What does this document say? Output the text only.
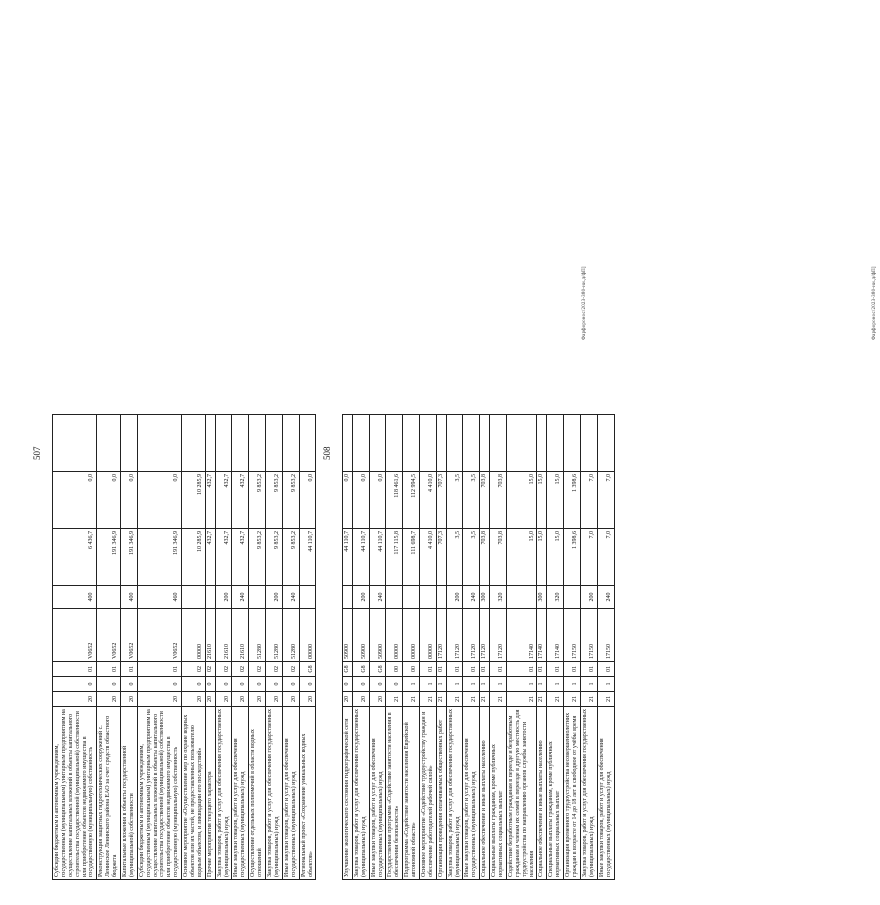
507
Субсидии бюджетным и автономным учреждениям, государственным (муниципальным) унитарным предприятиям на осуществление капитальных вложений в объекты капитального строительства государственной (муниципальной) собственности или приобретение объектов недвижимого имущества в государственную (муниципальную) собственность	20	0	01	V0652	400	6 436,7	0,0	
Реконструкция защитных гидротехнических сооружений с. Ленинское Ленинского района ЕАО за счет средств областного бюджета	20	0	01	V0652		191 346,9	0,0	
Капитальные вложения в объекты государственной (муниципальной) собственности	20	0	01	V0652	400	191 346,9	0,0	
Субсидии бюджетным и автономным учреждениям, государственным (муниципальным) унитарным предприятиям на осуществление капитальных вложений в объекты капитального строительства государственной (муниципальной) собственности или приобретение объектов недвижимого имущества в государственную (муниципальную) собственность	20	0	01	V0652	460	191 346,9	0,0	
Основное мероприятие «Осуществление мер по охране водных объектов или их частей, не предоставленных пользователю водным объектом, и ликвидации его последствий»	20	0	02	00000		10 285,9	10 285,9	
Прочие мероприятия текущего характера	20	0	02	21610		432,7	432,7	
Закупка товаров, работ и услуг для обеспечения государственных (муниципальных) нужд	20	0	02	21610	200	432,7	432,7	
Иные закупки товаров, работ и услуг для обеспечения государственных (муниципальных) нужд	20	0	02	21610	240	432,7	432,7	
Осуществление отдельных полномочий в области водных отношений	20	0	02	51280		9 853,2	9 853,2	
Закупка товаров, работ и услуг для обеспечения государственных (муниципальных) нужд	20	0	02	51280	200	9 853,2	9 853,2	
Иные закупки товаров, работ и услуг для обеспечения государственных (муниципальных) нужд	20	0	02	51280	240	9 853,2	9 853,2	
Региональный проект «Сохранение уникальных водных объектов»	20	0	G8	00000		44 110,7	0,0	
Фарфоронос/2023-380-ни.д/фП]
508
Улучшение экологического состояния гидрографической сети	20	0	G8	50900		44 110,7	0,0	
Закупка товаров, работ и услуг для обеспечения государственных (муниципальных) нужд	20	0	G8	50900	200	44 110,7	0,0	
Иные закупки товаров, работ и услуг для обеспечения государственных (муниципальных) нужд	20	0	G8	50900	240	44 110,7	0,0	
Государственная программа «Содействие занятости населения в обеспечении безопасности»	21	0	00	00000		117 115,8	118 461,6	
Подпрограмма «Содействие занятости населения Еврейской автономной области»	21	1	00	00000		111 698,7	112 994,5	
Основное мероприятие «Содействие трудоустройству граждан и обеспечение работодателей рабочей силой»	21	1	01	00000		4 410,0	4 410,0	
Организация проведения оплачиваемых общественных работ	21	1	01	17120		707,3	707,3	
Закупка товаров, работ и услуг для обеспечения государственных (муниципальных) нужд	21	1	01	17120	200	3,5	3,5	
Иные закупки товаров, работ и услуг для обеспечения государственных (муниципальных) нужд	21	1	01	17120	240	3,5	3,5	
Социальное обеспечение и иные выплаты населению	21	1	01	17120	300	703,8	703,8	
Социальные выплаты гражданам, кроме публичных нормативных социальных выплат	21	1	01	17120	320	703,8	703,8	
Содействие безработным гражданам в переезде и безработным гражданам и членам их семей в переезде в другую местность для трудоустройства по направлению органов службы занятости населения	21	1	01	17140		15,0	15,0	
Социальное обеспечение и иные выплаты населению	21	1	01	17140	300	15,0	15,0	
Специальные выплаты гражданам, кроме публичных нормативных социальных выплат	21	1	01	17140	320	15,0	15,0	
Организация временного трудоустройства несовершеннолетних граждан в возрасте от 14 до 18 лет в свободное от учёбы время	21	1	01	17150		1 398,6	1 398,6	
Закупка товаров, работ и услуг для обеспечения государственных (муниципальных) нужд	21	1	01	17150	200	7,0	7,0	
Иные закупки товаров, работ и услуг для обеспечения государственных (муниципальных) нужд	21	1	01	17150	240	7,0	7,0	
Фарфоронос/2023-380-ни.д/фП]
